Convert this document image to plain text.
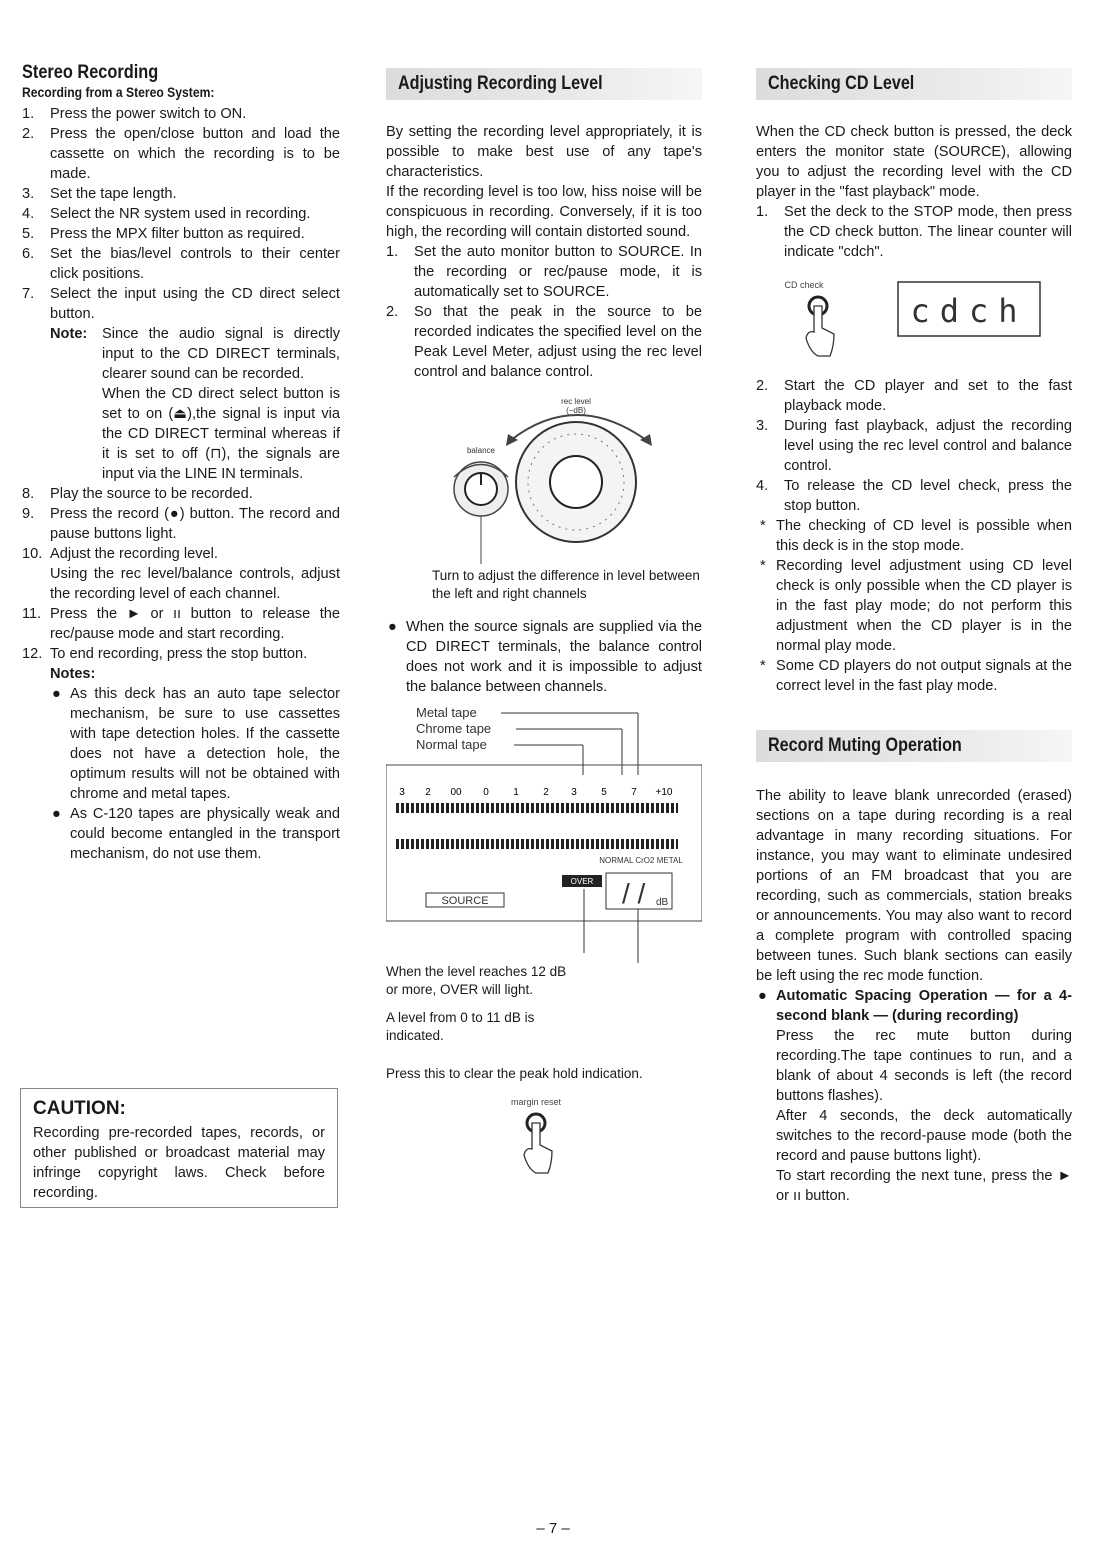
Stereo Recording

Recording from a Stereo System:

1. Press the power switch to ON.
2. Press the open/close button and load the cassette on which the recording is to be made.
3. Set the tape length.
4. Select the NR system used in recording.
5. Press the MPX filter button as required.
6. Set the bias/level controls to their center click positions.
7. Select the input using the CD direct select button.
Note: Since the audio signal is directly input to the CD DIRECT terminals, clearer sound can be recorded.
When the CD direct select button is set to on (⏏),the signal is input via the CD DIRECT terminal whereas if it is set to off (⊓), the signals are input via the LINE IN terminals.
8. Play the source to be recorded.
9. Press the record (●) button. The record and pause buttons light.
10. Adjust the recording level.
Using the rec level/balance controls, adjust the recording level of each channel.
11. Press the ► or ıı button to release the rec/pause mode and start recording.
12. To end recording, press the stop button.
Notes:
● As this deck has an auto tape selector mechanism, be sure to use cassettes with tape detection holes. If the cassette does not have a detection hole, the optimum results will not be obtained with chrome and metal tapes.
● As C-120 tapes are physically weak and could become entangled in the transport mechanism, do not use them.

CAUTION:

Recording pre-recorded tapes, records, or other published or broadcast material may infringe copyright laws. Check before recording.

Adjusting Recording Level

By setting the recording level appropriately, it is possible to make best use of any tape's characteristics.

If the recording level is too low, hiss noise will be conspicuous in recording. Conversely, if it is too high, the recording will contain distorted sound.

1. Set the auto monitor button to SOURCE. In the recording or rec/pause mode, it is automatically set to SOURCE.
2. So that the peak in the source to be recorded indicates the specified level on the Peak Level Meter, adjust using the rec level control and balance control.
rec level
(−dB)
balance

Turn to adjust the difference in level between the left and right channels

● When the source signals are supplied via the CD DIRECT terminals, the balance control does not work and it is impossible to adjust the balance between channels.
Metal tape
Chrome tape
Normal tape
3 2 00 0 1 2 3 5 7 +10
NORMAL CrO2 METAL
OVER / / dB
SOURCE

When the level reaches 12 dB or more, OVER will light.

A level from 0 to 11 dB is indicated.

Press this to clear the peak hold indication.

margin reset
Checking CD Level

When the CD check button is pressed, the deck enters the monitor state (SOURCE), allowing you to adjust the recording level with the CD player in the "fast playback" mode.

1. Set the deck to the STOP mode, then press the CD check button. The linear counter will indicate "cdch".
CD check
cdch
2. Start the CD player and set to the fast playback mode.
3. During fast playback, adjust the recording level using the rec level control and balance control.
4. To release the CD level check, press the stop button.
* The checking of CD level is possible when this deck is in the stop mode.
* Recording level adjustment using CD level check is only possible when the CD player is in the fast play mode; do not perform this adjustment when the CD player is in the normal play mode.
* Some CD players do not output signals at the correct level in the fast play mode.
Record Muting Operation

The ability to leave blank unrecorded (erased) sections on a tape during recording is a real advantage in many recording situations. For instance, you may want to eliminate undesired portions of an FM broadcast that you are recording, such as commercials, station breaks or announcements. You may also want to record a complete program with controlled spacing between tunes. Such blank sections can easily be left using the rec mode function.

● Automatic Spacing Operation — for a 4-second blank — (during recording)
Press the rec mute button during recording.The tape continues to run, and a blank of about 4 seconds is left (the record buttons flashes).
After 4 seconds, the deck automatically switches to the record-pause mode (both the record and pause buttons light).
To start recording the next tune, press the ► or ıı button.
– 7 –
